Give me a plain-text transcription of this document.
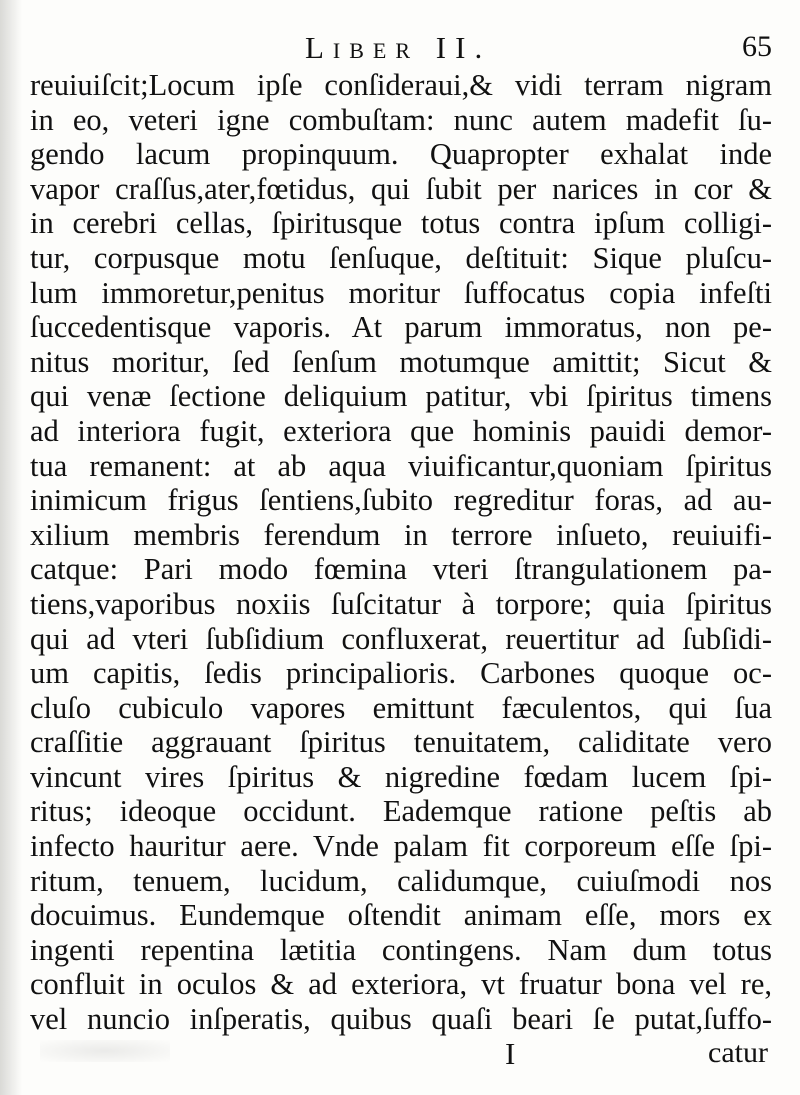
Liber II.	65
reuiuiſcit;Locum ipſe conſideraui,& vidi terram nigram
in eo, veteri igne combuſtam: nunc autem madefit ſu-
gendo lacum propinquum. Quapropter exhalat inde
vapor craſſus,ater,fœtidus, qui ſubit per narices in cor &
in cerebri cellas, ſpiritusque totus contra ipſum colligi-
tur, corpusque motu ſenſuque, deſtituit: Sique pluſcu-
lum immoretur,penitus moritur ſuffocatus copia infeſti
ſuccedentisque vaporis. At parum immoratus, non pe-
nitus moritur, ſed ſenſum motumque amittit; Sicut &
qui venæ ſectione deliquium patitur, vbi ſpiritus timens
ad interiora fugit, exteriora que hominis pauidi demor-
tua remanent: at ab aqua viuificantur,quoniam ſpiritus
inimicum frigus ſentiens,ſubito regreditur foras, ad au-
xilium membris ferendum in terrore inſueto, reuiuifi-
catque: Pari modo fœmina vteri ſtrangulationem pa-
tiens,vaporibus noxiis ſuſcitatur à torpore; quia ſpiritus
qui ad vteri ſubſidium confluxerat, reuertitur ad ſubſidi-
um capitis, ſedis principalioris. Carbones quoque oc-
cluſo cubiculo vapores emittunt fæculentos, qui ſua
craſſitie aggrauant ſpiritus tenuitatem, caliditate vero
vincunt vires ſpiritus & nigredine fœdam lucem ſpi-
ritus; ideoque occidunt. Eademque ratione peſtis ab
infecto hauritur aere. Vnde palam fit corporeum eſſe ſpi-
ritum, tenuem, lucidum, calidumque, cuiuſmodi nos
docuimus. Eundemque oſtendit animam eſſe, mors ex
ingenti repentina lætitia contingens. Nam dum totus
confluit in oculos & ad exteriora, vt fruatur bona vel re,
vel nuncio inſperatis, quibus quaſi beari ſe putat,ſuffo-
I	catur
